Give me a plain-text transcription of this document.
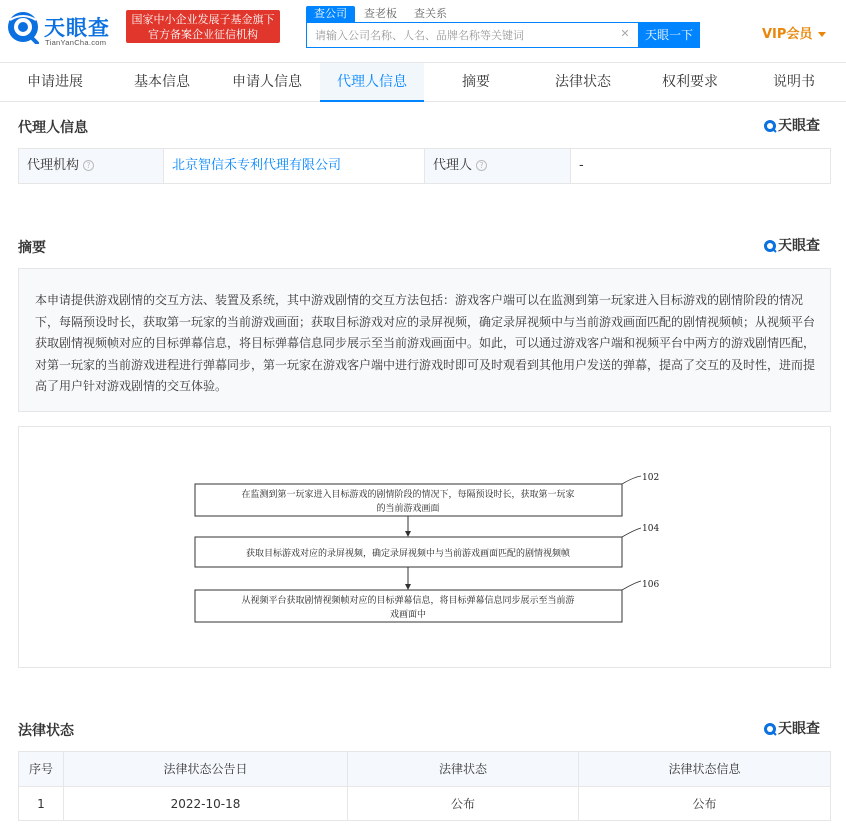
天眼查
TianYanCha.com
国家中小企业发展子基金旗下
官方备案企业征信机构
查公司	查老板 查关系
请输入公司名称、人名、品牌名称等关键词
✕	天眼一下	VIP会员
申请进展	基本信息	申请人信息	代理人信息	摘要	法律状态	权利要求	说明书
代理人信息	天眼查
代理机构 ?	北京智信禾专利代理有限公司	代理人 ?	-
摘要	天眼查
本申请提供游戏剧情的交互方法、装置及系统，其中游戏剧情的交互方法包括：游戏客户端可以在监测到第一玩家进入目标游戏的剧情阶段的情况下，每隔预设时长，获取第一玩家的当前游戏画面；获取目标游戏对应的录屏视频，确定录屏视频中与当前游戏画面匹配的剧情视频帧；从视频平台获取剧情视频帧对应的目标弹幕信息，将目标弹幕信息同步展示至当前游戏画面中。如此，可以通过游戏客户端和视频平台中两方的游戏剧情匹配，对第一玩家的当前游戏进程进行弹幕同步，第一玩家在游戏客户端中进行游戏时即可及时观看到其他用户发送的弹幕，提高了交互的及时性，进而提高了用户针对游戏剧情的交互体验。
在监测到第一玩家进入目标游戏的剧情阶段的情况下，每隔预设时长，获取第一玩家
的当前游戏画面
102
获取目标游戏对应的录屏视频，确定录屏视频中与当前游戏画面匹配的剧情视频帧
104
从视频平台获取剧情视频帧对应的目标弹幕信息，将目标弹幕信息同步展示至当前游
戏画面中
106
法律状态	天眼查
序号	法律状态公告日	法律状态	法律状态信息
1	2022-10-18	公布	公布
